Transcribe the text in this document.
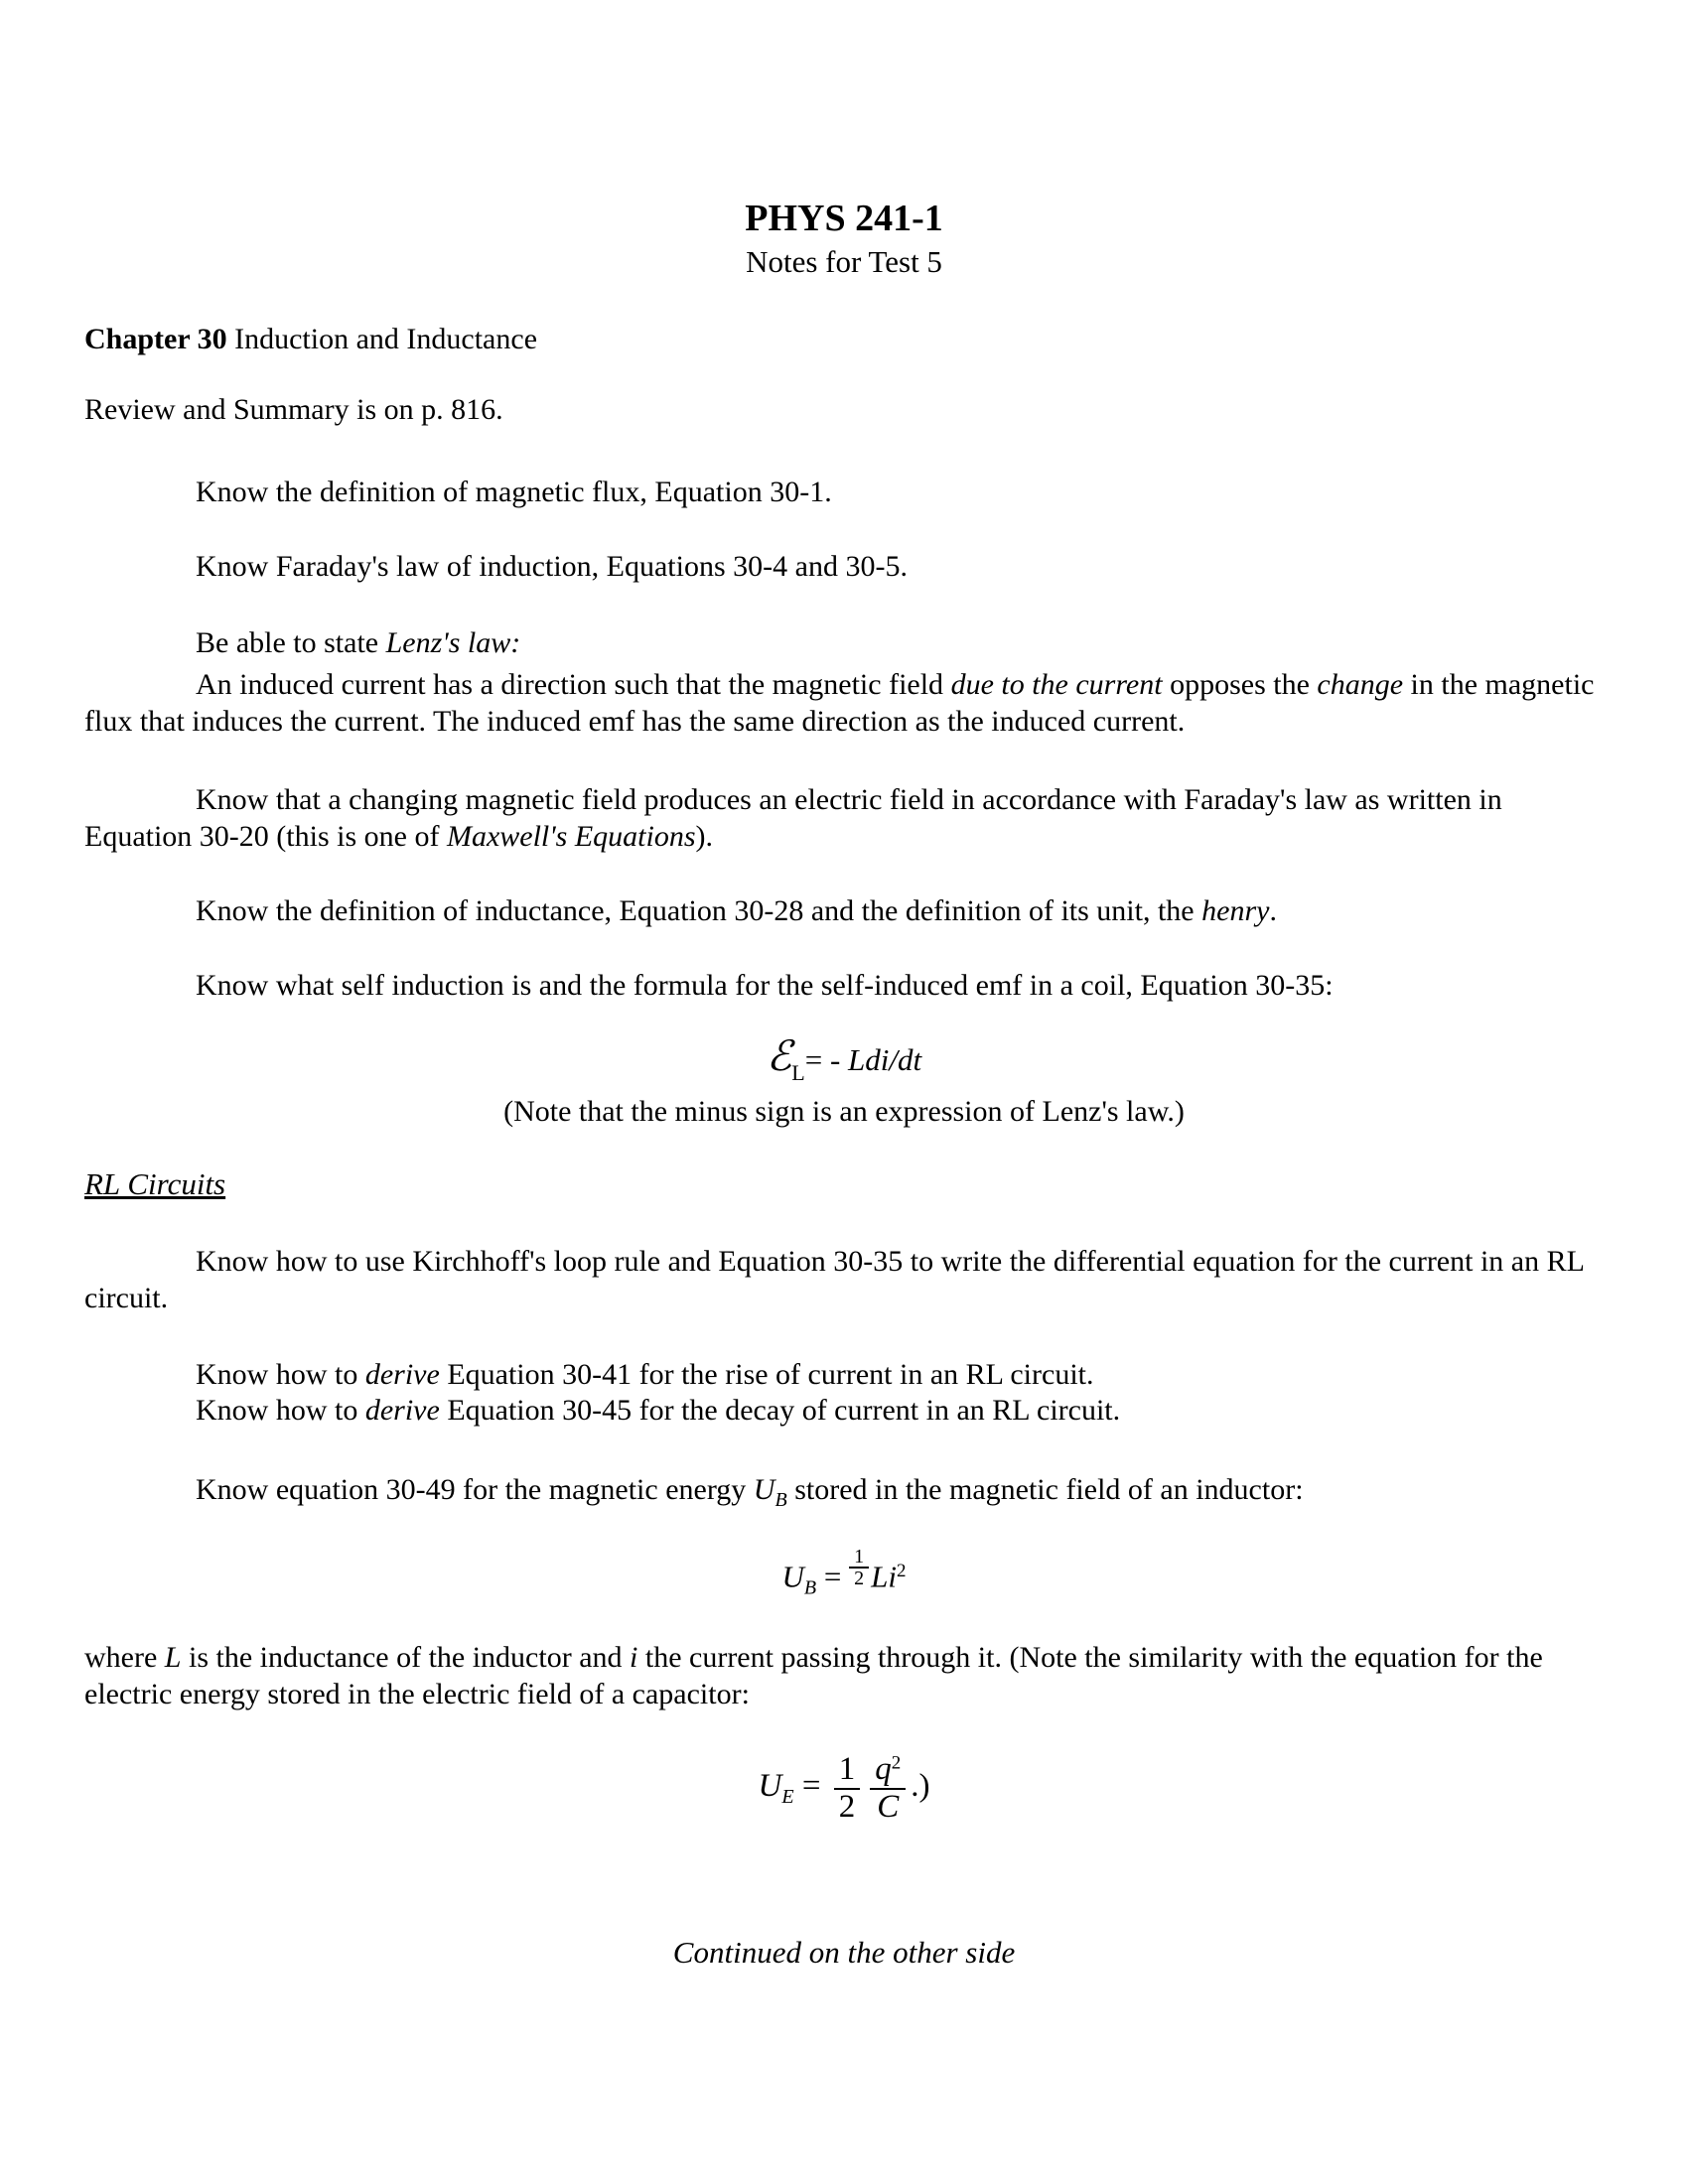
PHYS 241-1
Notes for Test 5

Chapter 30 Induction and Inductance

Review and Summary is on p. 816.

Know the definition of magnetic flux, Equation 30-1.

Know Faraday's law of induction, Equations 30-4 and 30-5.

Be able to state Lenz's law:

An induced current has a direction such that the magnetic field due to the current opposes the change in the magnetic flux that induces the current. The induced emf has the same direction as the induced current.

Know that a changing magnetic field produces an electric field in accordance with Faraday's law as written in Equation 30-20 (this is one of Maxwell's Equations).

Know the definition of inductance, Equation 30-28 and the definition of its unit, the henry.

Know what self induction is and the formula for the self-induced emf in a coil, Equation 30-35:

ℰ$_L$= - Ldi/dt

(Note that the minus sign is an expression of Lenz's law.)

RL Circuits

Know how to use Kirchhoff's loop rule and Equation 30-35 to write the differential equation for the current in an RL circuit.

Know how to derive Equation 30-41 for the rise of current in an RL circuit.

Know how to derive Equation 30-45 for the decay of current in an RL circuit.

Know equation 30-49 for the magnetic energy $U_B$ stored in the magnetic field of an inductor:

$U_B = \frac{1}{2} Li^2$

where L is the inductance of the inductor and i the current passing through it. (Note the similarity with the equation for the electric energy stored in the electric field of a capacitor:

$U_E = \frac{1}{2} \frac{q^2}{C}$ .)

Continued on the other side
